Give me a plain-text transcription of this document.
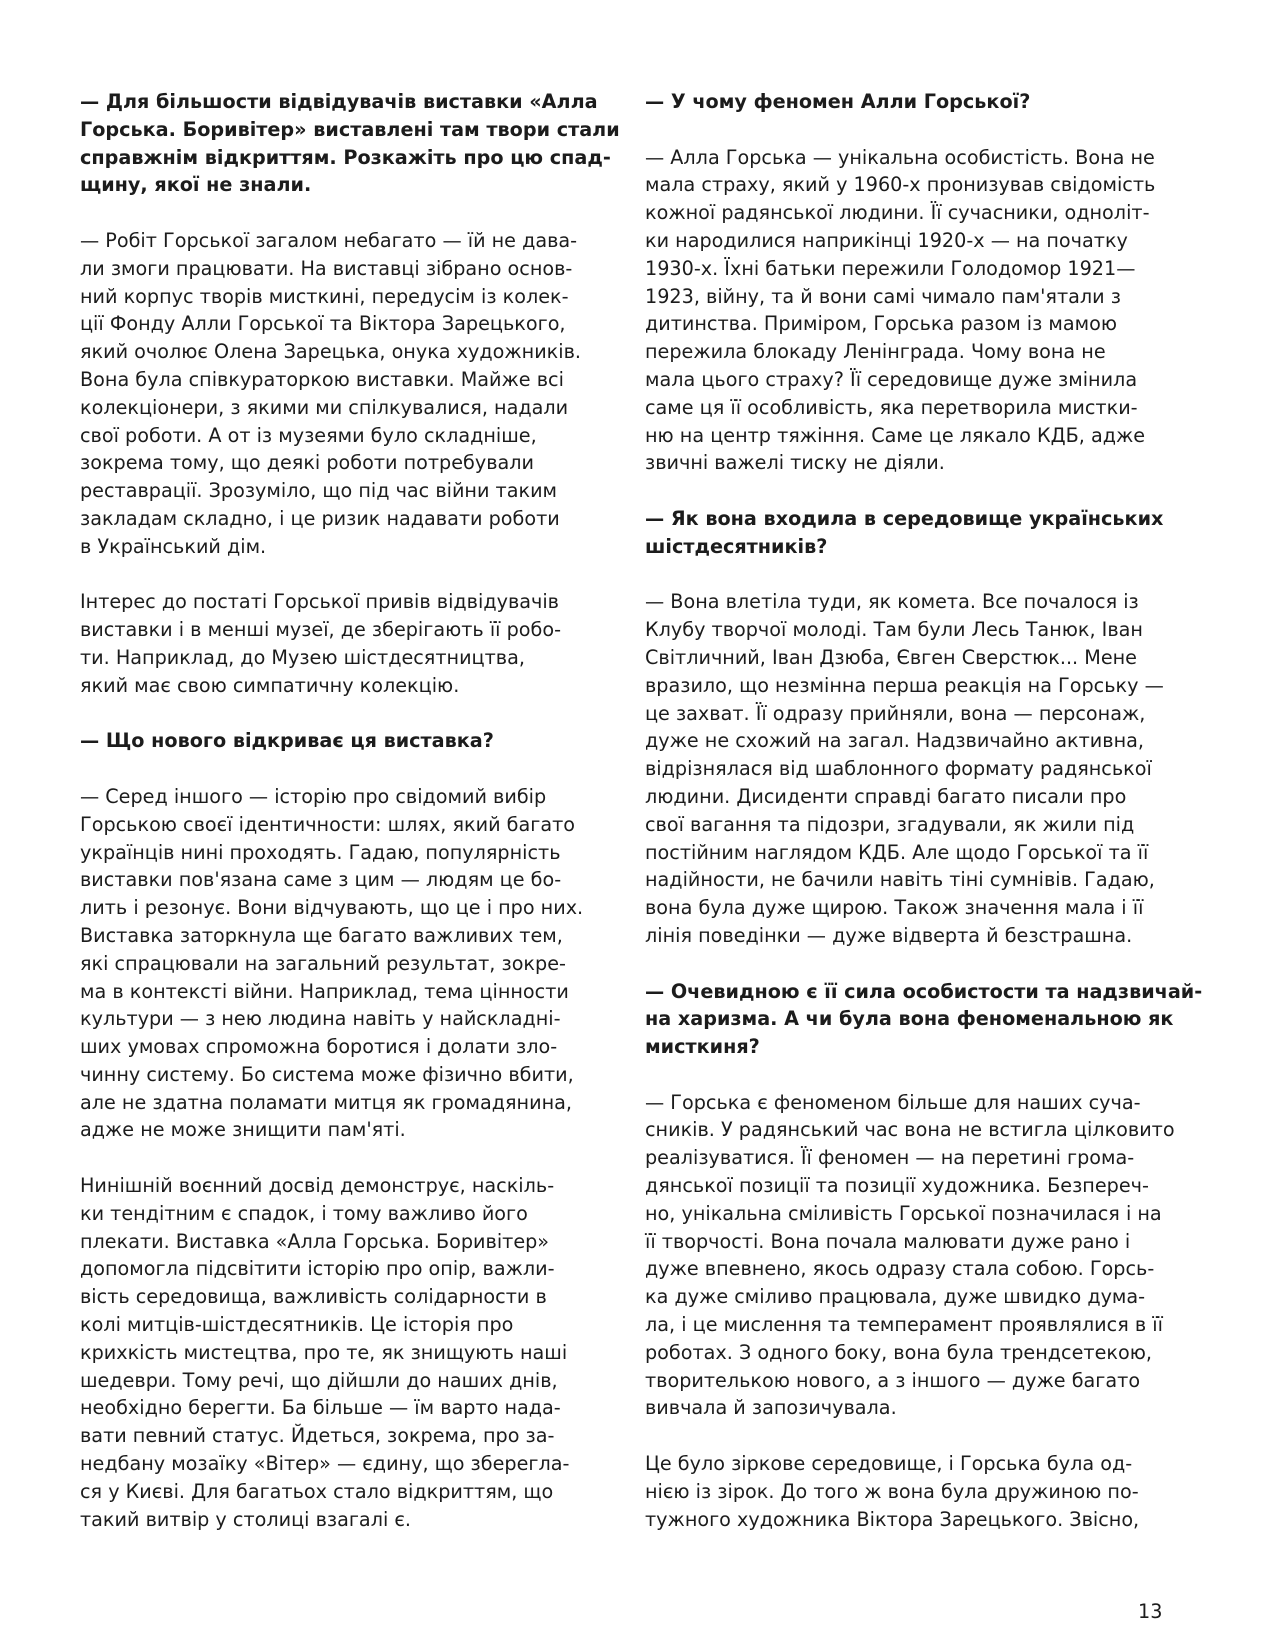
— Для більшости відвідувачів виставки «Алла
Горська. Боривітер» виставлені там твори стали
справжнім відкриттям. Розкажіть про цю спад-
щину, якої не знали.

— Робіт Горської загалом небагато — їй не дава-
ли змоги працювати. На виставці зібрано основ-
ний корпус творів мисткині, передусім із колек-
ції Фонду Алли Горської та Віктора Зарецького,
який очолює Олена Зарецька, онука художників.
Вона була співкураторкою виставки. Майже всі
колекціонери, з якими ми спілкувалися, надали
свої роботи. А от із музеями було складніше,
зокрема тому, що деякі роботи потребували
реставрації. Зрозуміло, що під час війни таким
закладам складно, і це ризик надавати роботи
в Український дім.

Інтерес до постаті Горської привів відвідувачів
виставки і в менші музеї, де зберігають її робо-
ти. Наприклад, до Музею шістдесятництва,
який має свою симпатичну колекцію.

— Що нового відкриває ця виставка?

— Серед іншого — історію про свідомий вибір
Горською своєї ідентичности: шлях, який багато
українців нині проходять. Гадаю, популярність
виставки пов'язана саме з цим — людям це бо-
лить і резонує. Вони відчувають, що це і про них.
Виставка заторкнула ще багато важливих тем,
які спрацювали на загальний результат, зокре-
ма в контексті війни. Наприклад, тема цінности
культури — з нею людина навіть у найскладні-
ших умовах спроможна боротися і долати зло-
чинну систему. Бо система може фізично вбити,
але не здатна поламати митця як громадянина,
адже не може знищити пам'яті.

Нинішній воєнний досвід демонструє, наскіль-
ки тендітним є спадок, і тому важливо його
плекати. Виставка «Алла Горська. Боривітер»
допомогла підсвітити історію про опір, важли-
вість середовища, важливість солідарности в
колі митців-шістдесятників. Це історія про
крихкість мистецтва, про те, як знищують наші
шедеври. Тому речі, що дійшли до наших днів,
необхідно берегти. Ба більше — їм варто нада-
вати певний статус. Йдеться, зокрема, про за-
недбану мозаїку «Вітер» — єдину, що збереглa-
ся у Києві. Для багатьох стало відкриттям, що
такий витвір у столиці взагалі є.

— У чому феномен Алли Горської?

— Алла Горська — унікальна особистість. Вона не
мала страху, який у 1960-х пронизував свідомість
кожної радянської людини. Її сучасники, одноліт-
ки народилися наприкінці 1920-х — на початку
1930-х. Їхні батьки пережили Голодомор 1921—
1923, війну, та й вони самі чимало пам'ятали з
дитинства. Приміром, Горська разом із мамою
пережила блокаду Ленінграда. Чому вона не
мала цього страху? Її середовище дуже змінила
саме ця її особливість, яка перетворила мистки-
ню на центр тяжіння. Саме це лякало КДБ, адже
звичні важелі тиску не діяли.

— Як вона входила в середовище українських
шістдесятників?

— Вона влетіла туди, як комета. Все почалося із
Клубу творчої молоді. Там були Лесь Танюк, Іван
Світличний, Іван Дзюба, Євген Сверстюк... Мене
вразило, що незмінна перша реакція на Горську —
це захват. Її одразу прийняли, вона — персонаж,
дуже не схожий на загал. Надзвичайно активна,
відрізнялася від шаблонного формату радянської
людини. Дисиденти справді багато писали про
свої вагання та підозри, згадували, як жили під
постійним наглядом КДБ. Але щодо Горської та її
надійности, не бачили навіть тіні сумнівів. Гадаю,
вона була дуже щирою. Також значення мала і її
лінія поведінки — дуже відверта й безстрашна.

— Очевидною є її сила особистости та надзвичай-
на харизма. А чи була вона феноменальною як
мисткиня?

— Горська є феноменом більше для наших суча-
сників. У радянський час вона не встигла цілковито
реалізуватися. Її феномен — на перетині грома-
дянської позиції та позиції художника. Безпереч-
но, унікальна сміливість Горської позначилася і на
її творчості. Вона почала малювати дуже рано і
дуже впевнено, якось одразу стала собою. Горсь-
ка дуже сміливо працювала, дуже швидко дума-
ла, і це мислення та темперамент проявлялися в її
роботах. З одного боку, вона була трендсетекою,
творителькою нового, а з іншого — дуже багато
вивчала й запозичувала.

Це було зіркове середовище, і Горська була од-
нією із зірок. До того ж вона була дружиною по-
тужного художника Віктора Зарецького. Звісно,

13
